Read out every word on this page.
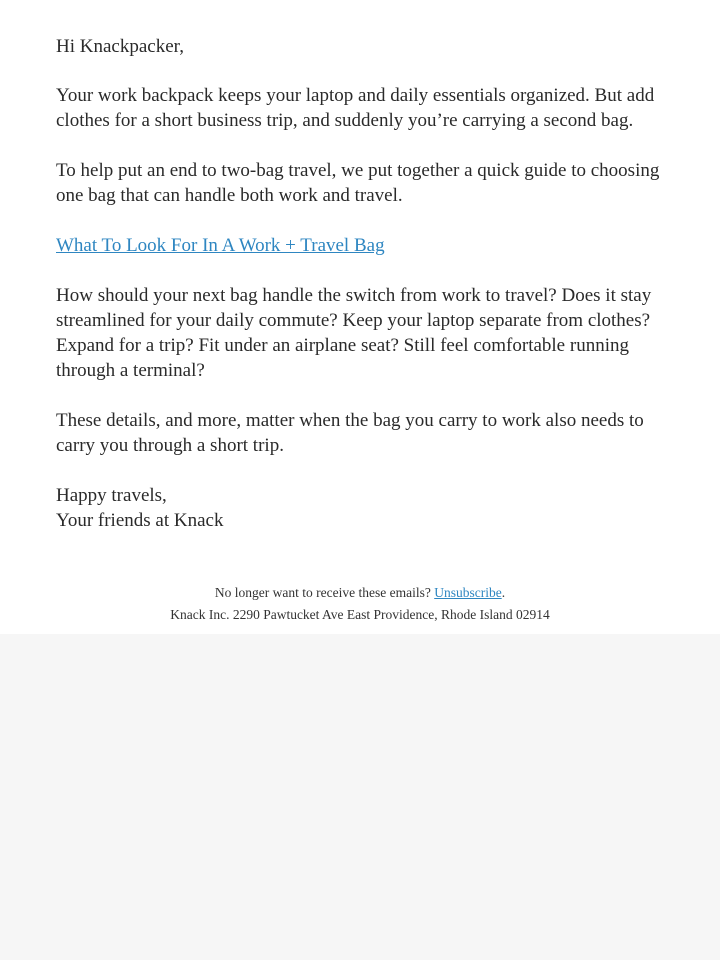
Hi Knackpacker,

Your work backpack keeps your laptop and daily essentials organized. But add clothes for a short business trip, and suddenly you’re carrying a second bag.

To help put an end to two-bag travel, we put together a quick guide to choosing one bag that can handle both work and travel.

What To Look For In A Work + Travel Bag

How should your next bag handle the switch from work to travel? Does it stay streamlined for your daily commute? Keep your laptop separate from clothes? Expand for a trip? Fit under an airplane seat? Still feel comfortable running through a terminal?

These details, and more, matter when the bag you carry to work also needs to carry you through a short trip.

Happy travels,
Your friends at Knack

No longer want to receive these emails? Unsubscribe.
Knack Inc. 2290 Pawtucket Ave East Providence, Rhode Island 02914
